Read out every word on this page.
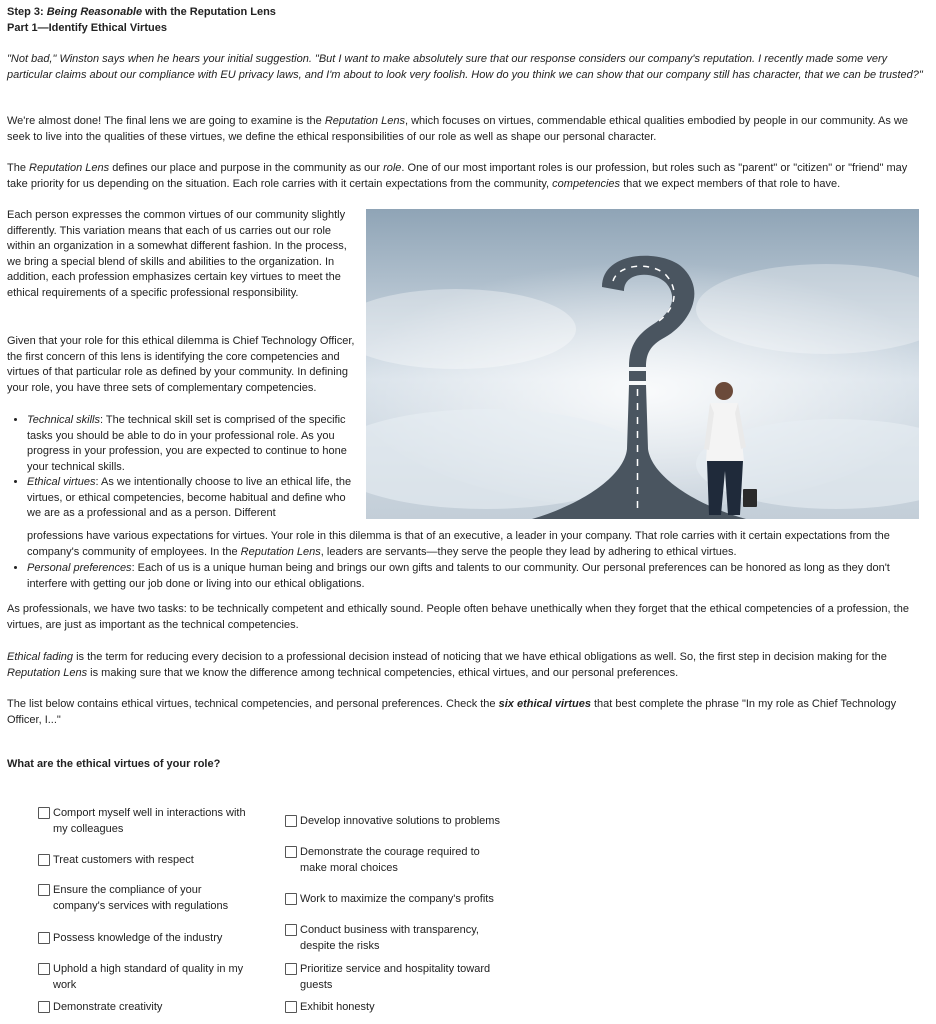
Step 3: Being Reasonable with the Reputation Lens
Part 1—Identify Ethical Virtues

"Not bad," Winston says when he hears your initial suggestion. "But I want to make absolutely sure that our response considers our company's reputation. I recently made some very particular claims about our compliance with EU privacy laws, and I'm about to look very foolish. How do you think we can show that our company still has character, that we can be trusted?"

We're almost done! The final lens we are going to examine is the Reputation Lens, which focuses on virtues, commendable ethical qualities embodied by people in our community. As we seek to live into the qualities of these virtues, we define the ethical responsibilities of our role as well as shape our personal character.

The Reputation Lens defines our place and purpose in the community as our role. One of our most important roles is our profession, but roles such as "parent" or "citizen" or "friend" may take priority for us depending on the situation. Each role carries with it certain expectations from the community, competencies that we expect members of that role to have.

Each person expresses the common virtues of our community slightly differently. This variation means that each of us carries out our role within an organization in a somewhat different fashion. In the process, we bring a special blend of skills and abilities to the organization. In addition, each profession emphasizes certain key virtues to meet the ethical requirements of a specific professional responsibility.

Given that your role for this ethical dilemma is Chief Technology Officer, the first concern of this lens is identifying the core competencies and virtues of that particular role as defined by your community. In defining your role, you have three sets of complementary competencies.

• Technical skills: The technical skill set is comprised of the specific tasks you should be able to do in your professional role. As you progress in your profession, you are expected to continue to hone your technical skills.
• Ethical virtues: As we intentionally choose to live an ethical life, the virtues, or ethical competencies, become habitual and define who we are as a professional and as a person. Different
professions have various expectations for virtues. Your role in this dilemma is that of an executive, a leader in your company. That role carries with it certain expectations from the company's community of employees. In the Reputation Lens, leaders are servants—they serve the people they lead by adhering to ethical virtues.
• Personal preferences: Each of us is a unique human being and brings our own gifts and talents to our community. Our personal preferences can be honored as long as they don't interfere with getting our job done or living into our ethical obligations.

As professionals, we have two tasks: to be technically competent and ethically sound. People often behave unethically when they forget that the ethical competencies of a profession, the virtues, are just as important as the technical competencies.

Ethical fading is the term for reducing every decision to a professional decision instead of noticing that we have ethical obligations as well. So, the first step in decision making for the Reputation Lens is making sure that we know the difference among technical competencies, ethical virtues, and our personal preferences.

The list below contains ethical virtues, technical competencies, and personal preferences. Check the six ethical virtues that best complete the phrase "In my role as Chief Technology Officer, I..."

What are the ethical virtues of your role?
Comport myself well in interactions with my colleagues
Treat customers with respect
Ensure the compliance of your company's services with regulations
Possess knowledge of the industry
Uphold a high standard of quality in my work
Demonstrate creativity
Develop innovative solutions to problems
Demonstrate the courage required to make moral choices
Work to maximize the company's profits
Conduct business with transparency, despite the risks
Prioritize service and hospitality toward guests
Exhibit honesty
